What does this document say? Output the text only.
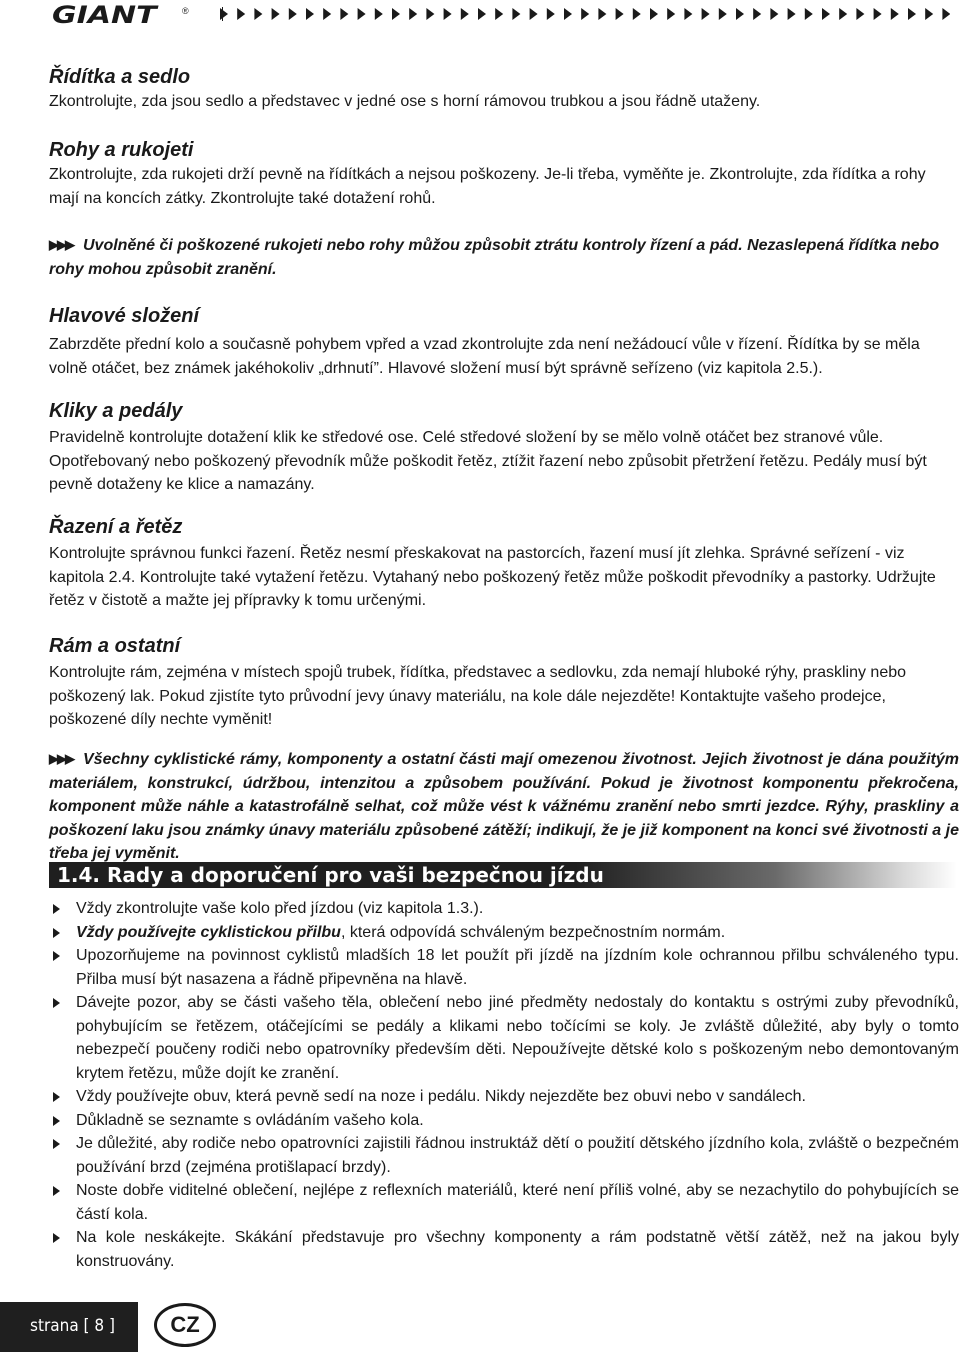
GIANT	®
Řídítka a sedlo

Zkontrolujte, zda jsou sedlo a představec v jedné ose s horní rámovou trubkou a jsou řádně utaženy.

Rohy a rukojeti

Zkontrolujte, zda rukojeti drží pevně na řídítkách a nejsou poškozeny. Je-li třeba, vyměňte je. Zkontrolujte, zda řídítka a rohy mají na koncích zátky. Zkontrolujte také dotažení rohů.

▶▶▶ Uvolněné či poškozené rukojeti nebo rohy můžou způsobit ztrátu kontroly řízení a pád. Nezaslepená řídítka nebo rohy mohou způsobit zranění.
Hlavové složení

Zabrzděte přední kolo a současně pohybem vpřed a vzad zkontrolujte zda není nežádoucí vůle v řízení. Řídítka by se měla volně otáčet, bez známek jakéhokoliv „drhnutí”. Hlavové složení musí být správně seřízeno (viz kapitola 2.5.).

Kliky a pedály

Pravidelně kontrolujte dotažení klik ke středové ose. Celé středové složení by se mělo volně otáčet bez stranové vůle. Opotřebovaný nebo poškozený převodník může poškodit řetěz, ztížit řazení nebo způsobit přetržení řetězu. Pedály musí být pevně dotaženy ke klice a namazány.

Řazení a řetěz

Kontrolujte správnou funkci řazení. Řetěz nesmí přeskakovat na pastorcích, řazení musí jít zlehka. Správné seřízení - viz kapitola 2.4. Kontrolujte také vytažení řetězu. Vytahaný nebo poškozený řetěz může poškodit převodníky a pastorky. Udržujte řetěz v čistotě a mažte jej přípravky k tomu určenými.

Rám a ostatní

Kontrolujte rám, zejména v místech spojů trubek, řídítka, představec a sedlovku, zda nemají hluboké rýhy, praskliny nebo poškozený lak. Pokud zjistíte tyto průvodní jevy únavy materiálu, na kole dále nejezděte! Kontaktujte vašeho prodejce, poškozené díly nechte vyměnit!

▶▶▶ Všechny cyklistické rámy, komponenty a ostatní části mají omezenou životnost. Jejich životnost je dána použitým materiálem, konstrukcí, údržbou, intenzitou a způsobem používání. Pokud je životnost komponentu překročena, komponent může náhle a katastrofálně selhat, což může vést k vážnému zranění nebo smrti jezdce. Rýhy, praskliny a poškození laku jsou známky únavy materiálu způsobené zátěží; indikují, že je již komponent na konci své životnosti a je třeba jej vyměnit.
1.4. Rady a doporučení pro vaši bezpečnou jízdu
Vždy zkontrolujte vaše kolo před jízdou (viz kapitola 1.3.).
Vždy používejte cyklistickou přilbu, která odpovídá schváleným bezpečnostním normám.
Upozorňujeme na povinnost cyklistů mladších 18 let použít při jízdě na jízdním kole ochrannou přilbu schváleného typu. Přilba musí být nasazena a řádně připevněna na hlavě.
Dávejte pozor, aby se části vašeho těla, oblečení nebo jiné předměty nedostaly do kontaktu s ostrými zuby převodníků, pohybujícím se řetězem, otáčejícími se pedály a klikami nebo točícími se koly. Je zvláště důležité, aby byly o tomto nebezpečí poučeny rodiči nebo opatrovníky především děti. Nepoužívejte dětské kolo s poškozeným nebo demontovaným krytem řetězu, může dojít ke zranění.
Vždy používejte obuv, která pevně sedí na noze i pedálu. Nikdy nejezděte bez obuvi nebo v sandálech.
Důkladně se seznamte s ovládáním vašeho kola.
Je důležité, aby rodiče nebo opatrovníci zajistili řádnou instruktáž dětí o použití dětského jízdního kola, zvláště o bezpečném používání brzd (zejména protišlapací brzdy).
Noste dobře viditelné oblečení, nejlépe z reflexních materiálů, které není příliš volné, aby se nezachytilo do pohybujících se částí kola.
Na kole neskákejte. Skákání představuje pro všechny komponenty a rám podstatně větší zátěž, než na jakou byly konstruovány.
strana [ 8 ]	CZ
